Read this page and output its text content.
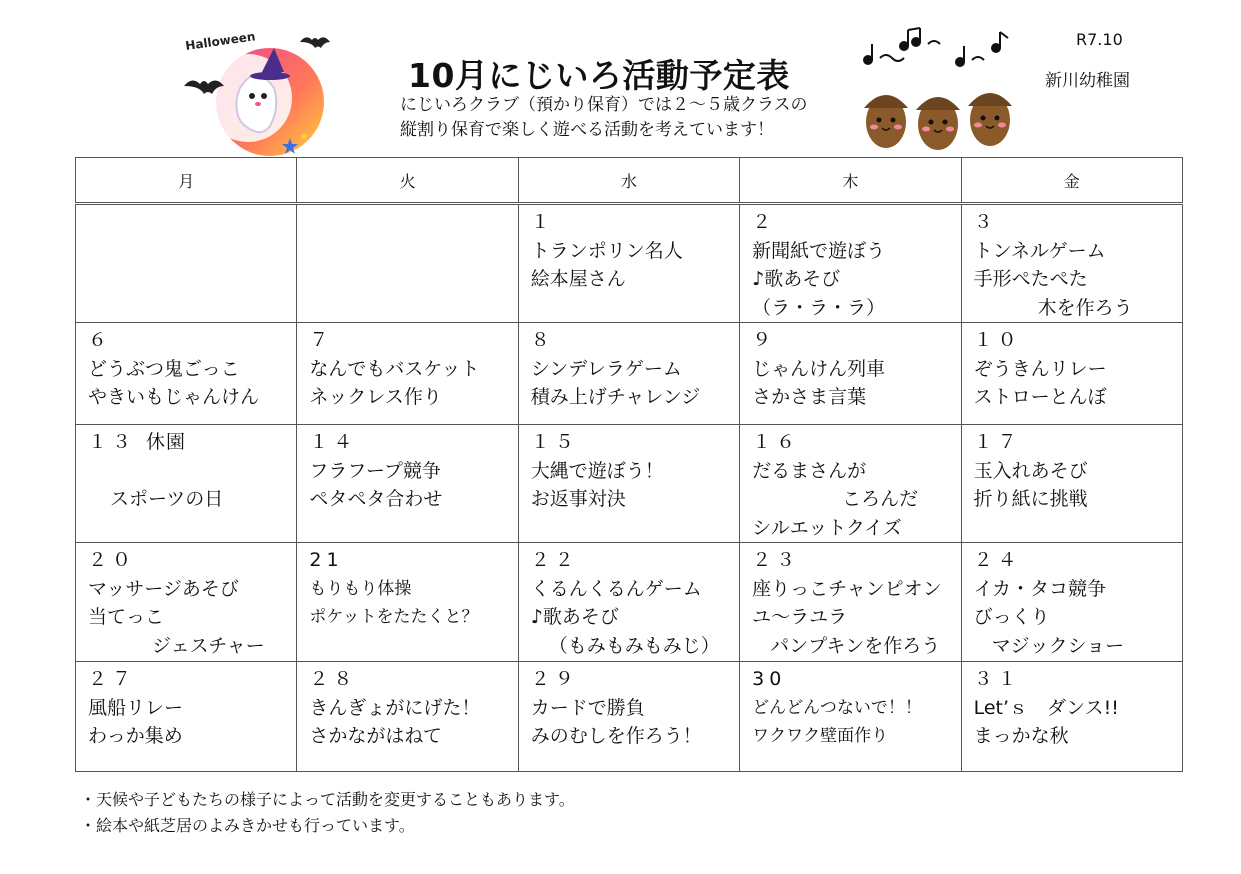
Halloween
10月にじいろ活動予定表
にじいろクラブ（預かり保育）では２～５歳クラスの
縦割り保育で楽しく遊べる活動を考えています！
R7.10
新川幼稚園
月	火	水	木	金

		１
トランポリン名人
絵本屋さん	２
新聞紙で遊ぼう
♪歌あそび
（ラ・ラ・ラ）	３
トンネルゲーム
手形ぺたぺた
木を作ろう

６
どうぶつ鬼ごっこ
やきいもじゃんけん	７
なんでもバスケット
ネックレス作り	８
シンデレラゲーム
積み上げチャレンジ	９
じゃんけん列車
さかさま言葉	１０
ぞうきんリレー
ストローとんぼ

１３ 休園

スポーツの日	１４
フラフープ競争
ペタペタ合わせ	１５
大縄で遊ぼう！
お返事対決	１６
だるまさんが
ころんだ
シルエットクイズ	１７
玉入れあそび
折り紙に挑戦

２０
マッサージあそび
当てっこ
ジェスチャー	21
もりもり体操
ポケットをたたくと？	２２
くるんくるんゲーム
♪歌あそび
（もみもみもみじ）	２３
座りっこチャンピオン
ユ～ラユラ
パンプキンを作ろう	２４
イカ・タコ競争
びっくり
マジックショー

２７
風船リレー
わっか集め	２８
きんぎょがにげた！
さかながはねて	２９
カードで勝負
みのむしを作ろう！	30
どんどんつないで！！
ワクワク壁面作り	３１
Let’ｓ　ダンス!!
まっかな秋
・天候や子どもたちの様子によって活動を変更することもあります。
・絵本や紙芝居のよみきかせも行っています。
